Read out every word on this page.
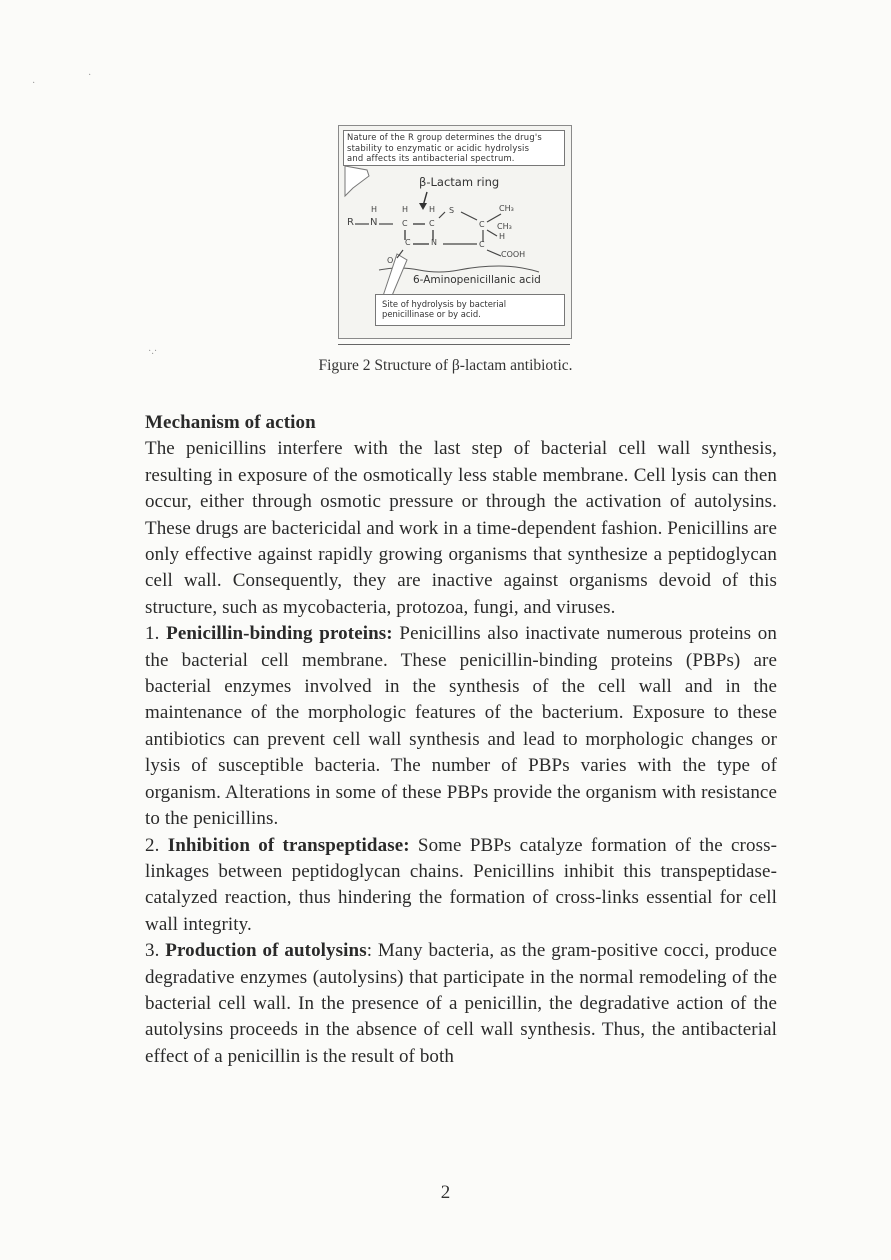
·
·
·.·
Nature of the R group determines the drug's
stability to enzymatic or acidic hydrolysis
and affects its antibacterial spectrum.
β-Lactam ring
R N
H	H	H
C	C
S	CH₃
C CH₃
H
C
COOH
C	N
O
6-Aminopenicillanic acid
Site of hydrolysis by bacterial
penicillinase or by acid.
Figure 2 Structure of β-lactam antibiotic.

Mechanism of action

The penicillins interfere with the last step of bacterial cell wall synthesis, resulting in exposure of the osmotically less stable membrane. Cell lysis can then occur, either through osmotic pressure or through the activation of autolysins. These drugs are bactericidal and work in a time-dependent fashion. Penicillins are only effective against rapidly growing organisms that synthesize a peptidoglycan cell wall. Consequently, they are inactive against organisms devoid of this structure, such as mycobacteria, protozoa, fungi, and viruses.

1. Penicillin-binding proteins: Penicillins also inactivate numerous proteins on the bacterial cell membrane. These penicillin-binding proteins (PBPs) are bacterial enzymes involved in the synthesis of the cell wall and in the maintenance of the morphologic features of the bacterium. Exposure to these antibiotics can prevent cell wall synthesis and lead to morphologic changes or lysis of susceptible bacteria. The number of PBPs varies with the type of organism. Alterations in some of these PBPs provide the organism with resistance to the penicillins.

2. Inhibition of transpeptidase: Some PBPs catalyze formation of the cross-linkages between peptidoglycan chains. Penicillins inhibit this transpeptidase-catalyzed reaction, thus hindering the formation of cross-links essential for cell wall integrity.

3. Production of autolysins: Many bacteria, as the gram-positive cocci, produce degradative enzymes (autolysins) that participate in the normal remodeling of the bacterial cell wall. In the presence of a penicillin, the degradative action of the autolysins proceeds in the absence of cell wall synthesis. Thus, the antibacterial effect of a penicillin is the result of both

2
